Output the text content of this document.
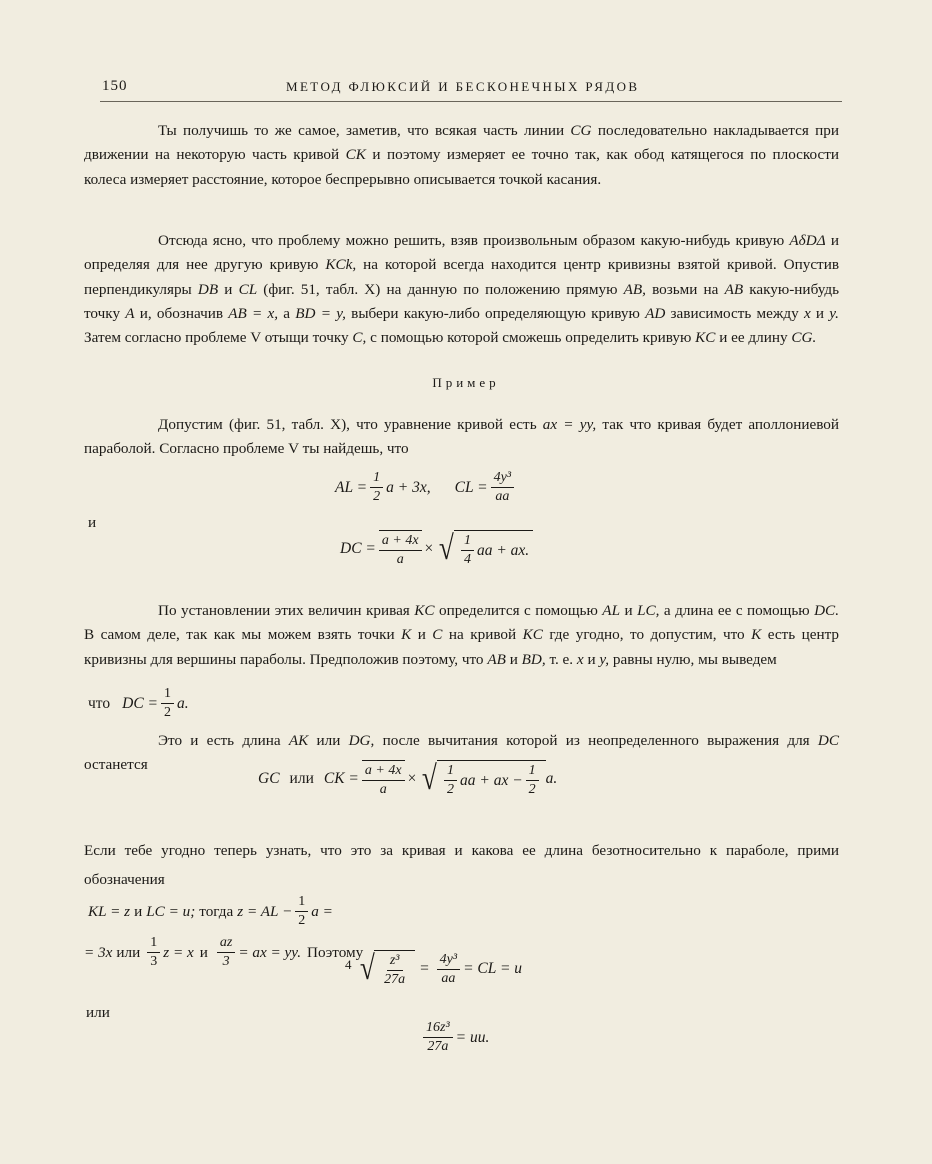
150	МЕТОД ФЛЮКСИЙ И БЕСКОНЕЧНЫХ РЯДОВ

Ты получишь то же самое, заметив, что всякая часть линии CG последовательно накладывается при движении на некоторую часть кривой CK и поэтому измеряет ее точно так, как обод катящегося по плоскости колеса измеряет расстояние, которое беспрерывно описывается точкой касания.

Отсюда ясно, что проблему можно решить, взяв произвольным образом какую-нибудь кривую AδDΔ и определяя для нее другую кривую KCk, на которой всегда находится центр кривизны взятой кривой. Опустив перпендикуляры DB и CL (фиг. 51, табл. X) на данную по положению прямую AB, возьми на AB какую-нибудь точку A и, обозначив AB = x, а BD = y, выбери какую-либо определяющую кривую AD зависимость между x и y. Затем согласно проблеме V отыщи точку C, с помощью которой сможешь определить кривую KC и ее длину CG.

Пример

Допустим (фиг. 51, табл. X), что уравнение кривой есть ax = yy, так что кривая будет аполлониевой параболой. Согласно проблеме V ты найдешь, что

AL = $\frac{1}{2}$ a + 3x, CL = $\frac{\text{4y³}}{aa}$
и
DC = $\frac{a + 4x}{a}$ × √ $\frac{1}{4}$ aa + ax.

По установлении этих величин кривая KC определится с помощью AL и LC, а длина ее с помощью DC. В самом деле, так как мы можем взять точки K и C на кривой KC где угодно, то допустим, что K есть центр кривизны для вершины параболы. Предположив поэтому, что AB и BD, т. е. x и y, равны нулю, мы выведем

что DC = $\frac{1}{2} a$.

Это и есть длина AK или DG, после вычитания которой из неопределенного выражения для DC останется

GC или CK = $\frac{a + 4x}{a}$ × √ $\frac{1}{2}$ aa + ax − $\frac{1}{2} a$.
Если тебе угодно теперь узнать, что это за кривая и какова ее длина безотносительно к параболе, прими обозначения
KL = z и LC = u; тогда z = AL − $\frac{1}{2}$ a =
= 3x или $\frac{1}{3}$ z = x и $\frac{az}{3}$ = ax = yy. Поэтому
4 √ $\frac{\text{z³}}{27a} = \frac{\text{4y³}}{aa}$ = CL = u
или
$\frac{\text{16z³}}{27a}$ = uu.
